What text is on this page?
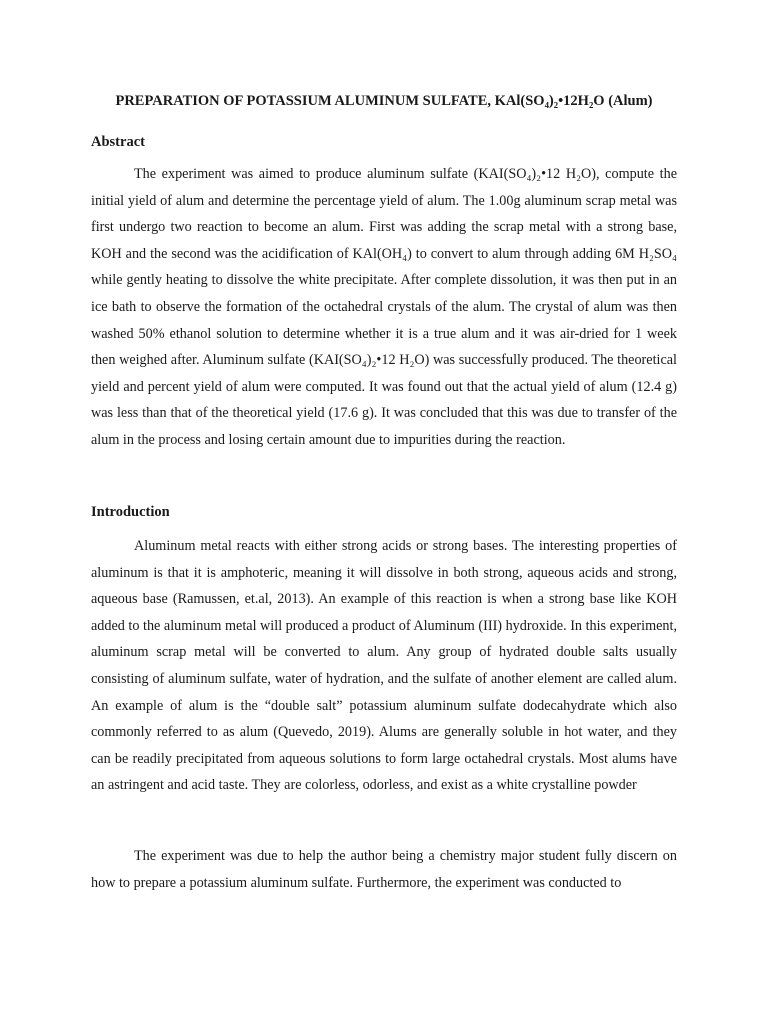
PREPARATION OF POTASSIUM ALUMINUM SULFATE, KAl(SO₄)₂•12H₂O (Alum)
Abstract

The experiment was aimed to produce aluminum sulfate (KAI(SO₄)₂•12 H₂O), compute the initial yield of alum and determine the percentage yield of alum. The 1.00g aluminum scrap metal was first undergo two reaction to become an alum. First was adding the scrap metal with a strong base, KOH and the second was the acidification of KAl(OH₄) to convert to alum through adding 6M H₂SO₄ while gently heating to dissolve the white precipitate. After complete dissolution, it was then put in an ice bath to observe the formation of the octahedral crystals of the alum. The crystal of alum was then washed 50% ethanol solution to determine whether it is a true alum and it was air-dried for 1 week then weighed after. Aluminum sulfate (KAI(SO₄)₂•12 H₂O) was successfully produced. The theoretical yield and percent yield of alum were computed. It was found out that the actual yield of alum (12.4 g) was less than that of the theoretical yield (17.6 g). It was concluded that this was due to transfer of the alum in the process and losing certain amount due to impurities during the reaction.

Introduction

Aluminum metal reacts with either strong acids or strong bases. The interesting properties of aluminum is that it is amphoteric, meaning it will dissolve in both strong, aqueous acids and strong, aqueous base (Ramussen, et.al, 2013). An example of this reaction is when a strong base like KOH added to the aluminum metal will produced a product of Aluminum (III) hydroxide. In this experiment, aluminum scrap metal will be converted to alum. Any group of hydrated double salts usually consisting of aluminum sulfate, water of hydration, and the sulfate of another element are called alum. An example of alum is the “double salt” potassium aluminum sulfate dodecahydrate which also commonly referred to as alum (Quevedo, 2019). Alums are generally soluble in hot water, and they can be readily precipitated from aqueous solutions to form large octahedral crystals. Most alums have an astringent and acid taste. They are colorless, odorless, and exist as a white crystalline powder

The experiment was due to help the author being a chemistry major student fully discern on how to prepare a potassium aluminum sulfate. Furthermore, the experiment was conducted to
